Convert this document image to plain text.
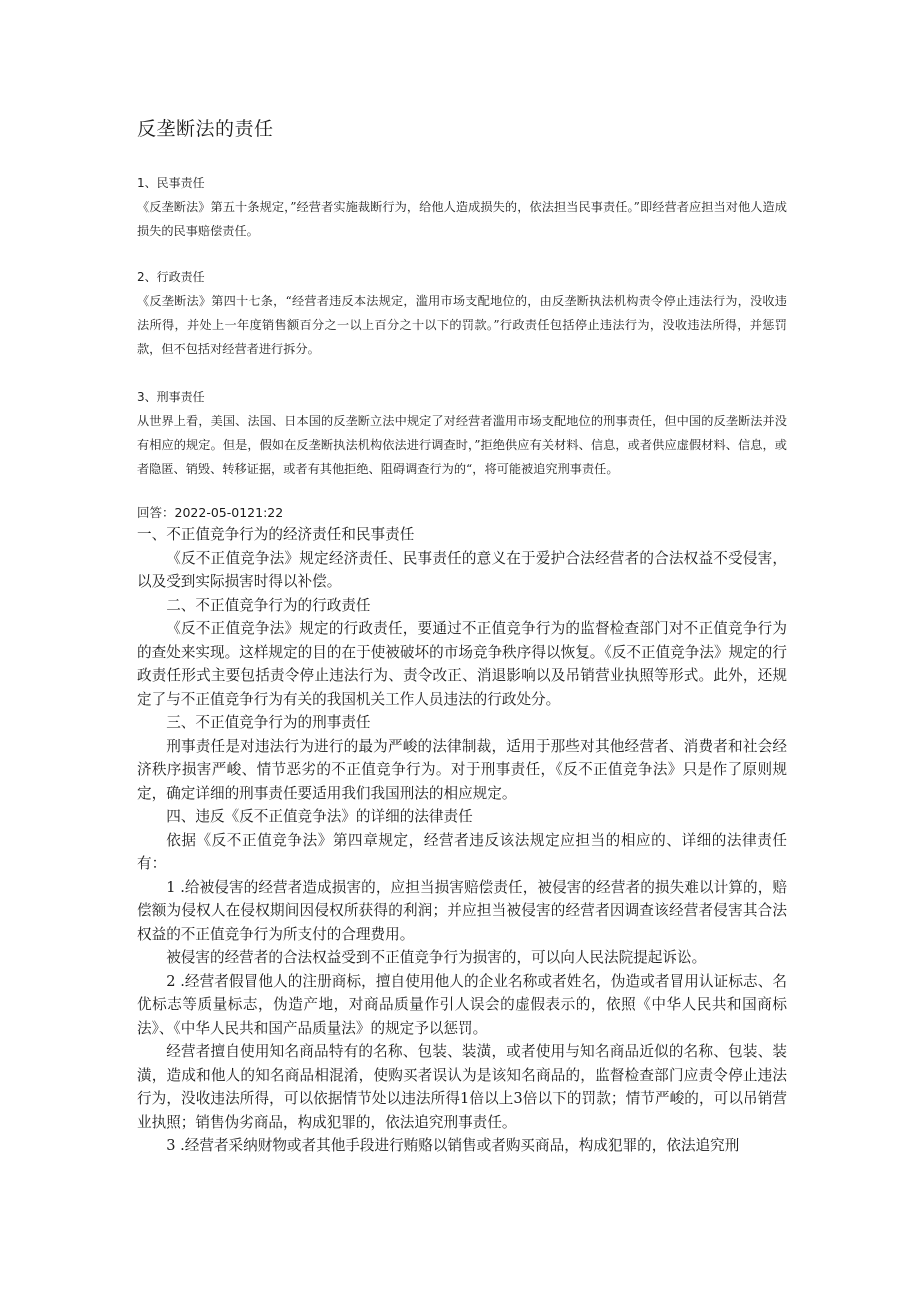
反垄断法的责任
1、民事责任

《反垄断法》第五十条规定，”经营者实施裁断行为，给他人造成损失的，依法担当民事责任。”即经营者应担当对他人造成损失的民事赔偿责任。

2、行政责任

《反垄断法》第四十七条，“经营者违反本法规定，滥用市场支配地位的，由反垄断执法机构责令停止违法行为，没收违法所得，并处上一年度销售额百分之一以上百分之十以下的罚款。”行政责任包括停止违法行为，没收违法所得，并惩罚款，但不包括对经营者进行拆分。

3、刑事责任

从世界上看，美国、法国、日本国的反垄断立法中规定了对经营者滥用市场支配地位的刑事责任，但中国的反垄断法并没有相应的规定。但是，假如在反垄断执法机构依法进行调查时，”拒绝供应有关材料、信息，或者供应虚假材料、信息，或者隐匿、销毁、转移证据，或者有其他拒绝、阻碍调查行为的“，将可能被追究刑事责任。

回答：2022-05-0121:22
一、不正值竞争行为的经济责任和民事责任

《反不正值竞争法》规定经济责任、民事责任的意义在于爱护合法经营者的合法权益不受侵害，以及受到实际损害时得以补偿。

二、不正值竞争行为的行政责任

《反不正值竞争法》规定的行政责任，要通过不正值竞争行为的监督检查部门对不正值竞争行为的查处来实现。这样规定的目的在于使被破坏的市场竞争秩序得以恢复。《反不正值竞争法》规定的行政责任形式主要包括责令停止违法行为、责令改正、消退影响以及吊销营业执照等形式。此外，还规定了与不正值竞争行为有关的我国机关工作人员违法的行政处分。

三、不正值竞争行为的刑事责任

刑事责任是对违法行为进行的最为严峻的法律制裁，适用于那些对其他经营者、消费者和社会经济秩序损害严峻、情节恶劣的不正值竞争行为。对于刑事责任，《反不正值竞争法》只是作了原则规定，确定详细的刑事责任要适用我们我国刑法的相应规定。

四、违反《反不正值竞争法》的详细的法律责任

依据《反不正值竞争法》第四章规定，经营者违反该法规定应担当的相应的、详细的法律责任有：

1 .给被侵害的经营者造成损害的，应担当损害赔偿责任，被侵害的经营者的损失难以计算的，赔偿额为侵权人在侵权期间因侵权所获得的利润；并应担当被侵害的经营者因调查该经营者侵害其合法权益的不正值竞争行为所支付的合理费用。

被侵害的经营者的合法权益受到不正值竞争行为损害的，可以向人民法院提起诉讼。

2 .经营者假冒他人的注册商标，擅自使用他人的企业名称或者姓名，伪造或者冒用认证标志、名优标志等质量标志，伪造产地，对商品质量作引人误会的虚假表示的，依照《中华人民共和国商标法》、《中华人民共和国产品质量法》的规定予以惩罚。

经营者擅自使用知名商品特有的名称、包装、装潢，或者使用与知名商品近似的名称、包装、装潢，造成和他人的知名商品相混淆，使购买者误认为是该知名商品的，监督检查部门应责令停止违法行为，没收违法所得，可以依据情节处以违法所得1倍以上3倍以下的罚款；情节严峻的，可以吊销营业执照；销售伪劣商品，构成犯罪的，依法追究刑事责任。

3 .经营者采纳财物或者其他手段进行贿赂以销售或者购买商品，构成犯罪的，依法追究刑
